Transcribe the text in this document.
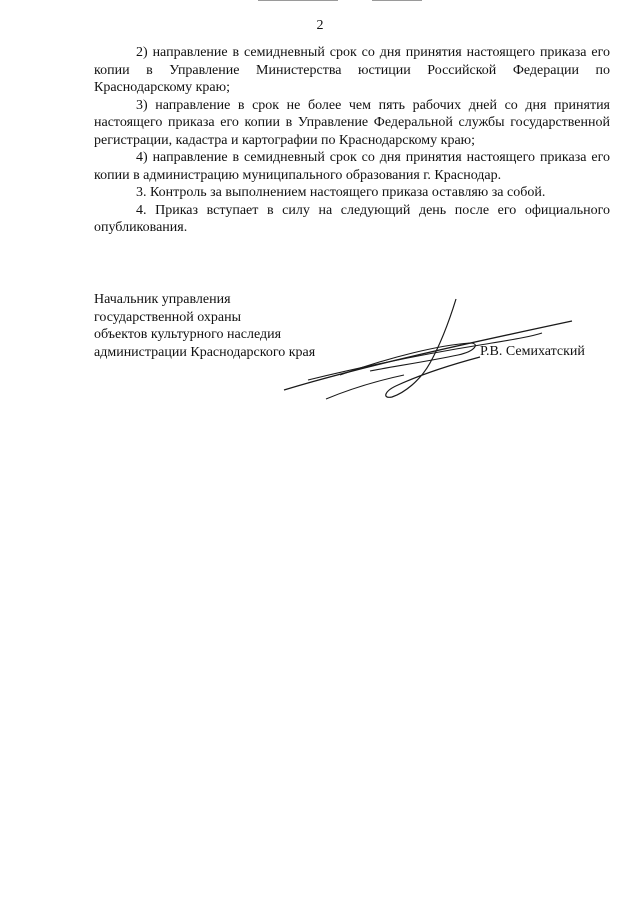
2

2) направление в семидневный срок со дня принятия настоящего приказа его копии в Управление Министерства юстиции Российской Федерации по Краснодарскому краю;

3) направление в срок не более чем пять рабочих дней со дня принятия настоящего приказа его копии в Управление Федеральной службы государственной регистрации, кадастра и картографии по Краснодарскому краю;

4) направление в семидневный срок со дня принятия настоящего приказа его копии в администрацию муниципального образования г. Краснодар.

3. Контроль за выполнением настоящего приказа оставляю за собой.

4. Приказ вступает в силу на следующий день после его официального опубликования.

Начальник управления
государственной охраны
объектов культурного наследия
администрации Краснодарского края	Р.В. Семихатский
